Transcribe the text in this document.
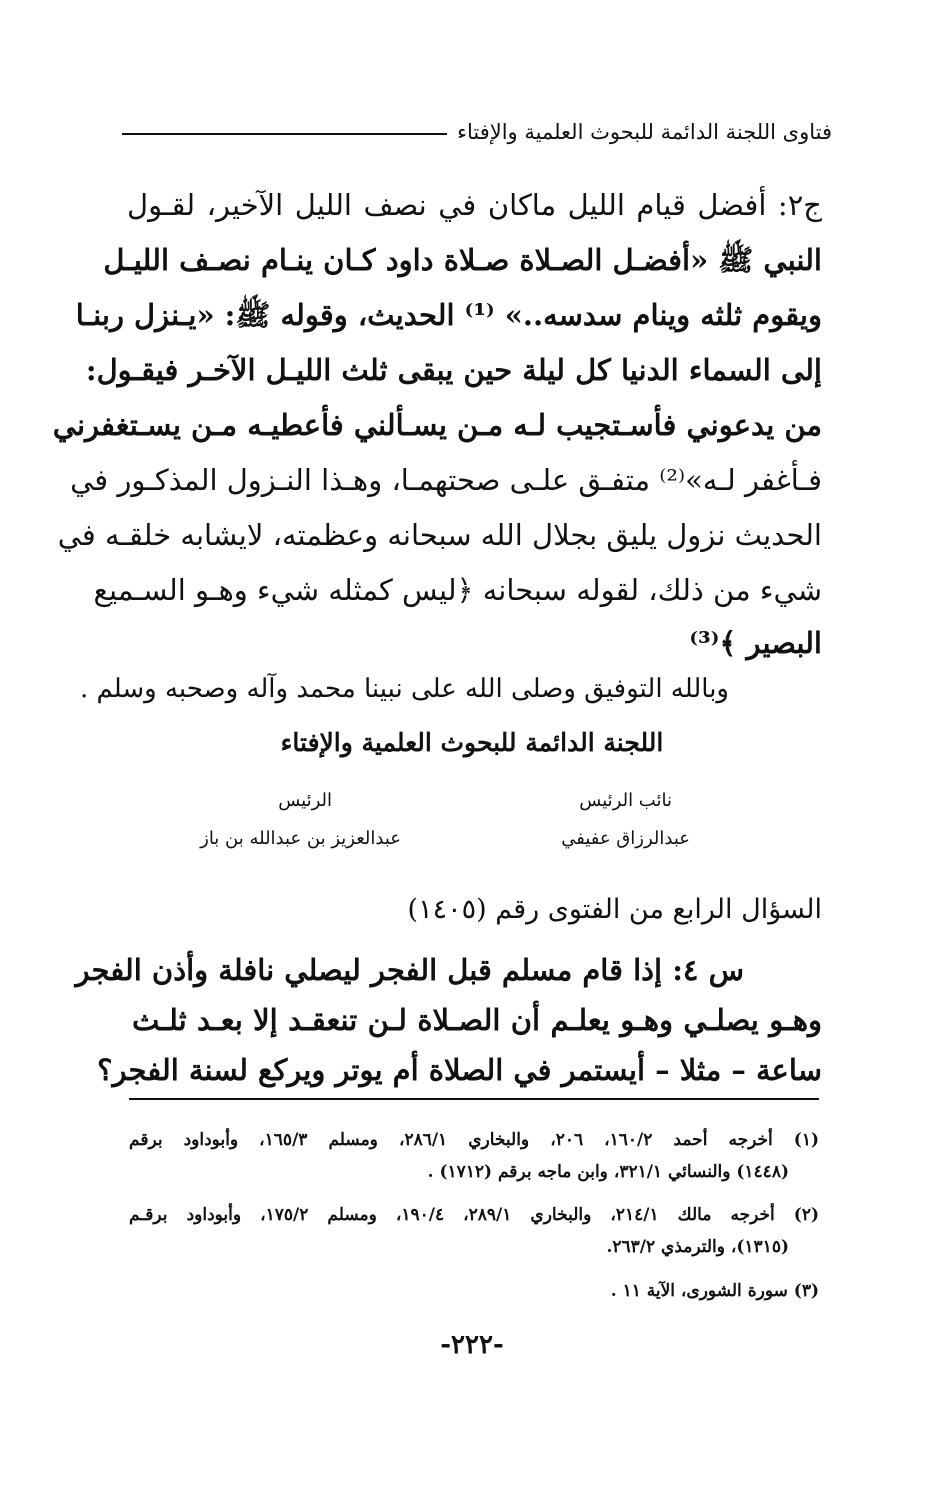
فتاوى اللجنة الدائمة للبحوث العلمية والإفتاء
ج٢: أفضل قيام الليل ماكان في نصف الليل الآخير، لقـول
النبي ﷺ «أفضـل الصـلاة صـلاة داود كـان ينـام نصـف الليـل
ويقوم ثلثه وينام سدسه..» ⁽¹⁾ الحديث، وقوله ﷺ: «يـنزل ربنـا
إلى السماء الدنيا كل ليلة حين يبقى ثلث الليـل الآخـر فيقـول:
من يدعوني فأسـتجيب لـه مـن يسـألني فأعطيـه مـن يسـتغفرني
فـأغفر لـه»⁽²⁾ متفـق علـى صحتهمـا، وهـذا النـزول المذكـور في
الحديث نزول يليق بجلال الله سبحانه وعظمته، لايشابه خلقـه في
شيء من ذلك، لقوله سبحانه ﴿ليس كمثله شيء وهـو السـميع
البصير ﴾⁽³⁾
وبالله التوفيق وصلى الله على نبينا محمد وآله وصحبه وسلم .
اللجنة الدائمة للبحوث العلمية والإفتاء
نائب الرئيس
الرئيس
عبدالرزاق عفيفي
عبدالعزيز بن عبدالله بن باز
السؤال الرابع من الفتوى رقم (١٤٠٥)
س ٤: إذا قام مسلم قبل الفجر ليصلي نافلة وأذن الفجر
وهـو يصلـي وهـو يعلـم أن الصـلاة لـن تنعقـد إلا بعـد ثلـث
ساعة – مثلا – أيستمر في الصلاة أم يوتر ويركع لسنة الفجر؟
(١) أخرجه أحمد ١٦٠/٢، ٢٠٦، والبخاري ٢٨٦/١، ومسلم ١٦٥/٣، وأبوداود برقم
(١٤٤٨) والنسائي ٣٢١/١، وابن ماجه برقم (١٧١٢) .
(٢) أخرجه مالك ٢١٤/١، والبخاري ٢٨٩/١، ١٩٠/٤، ومسلم ١٧٥/٢، وأبوداود برقـم
(١٣١٥)، والترمذي ٢٦٣/٢.
(٣) سورة الشورى، الآية ١١ .
-٢٢٢-
